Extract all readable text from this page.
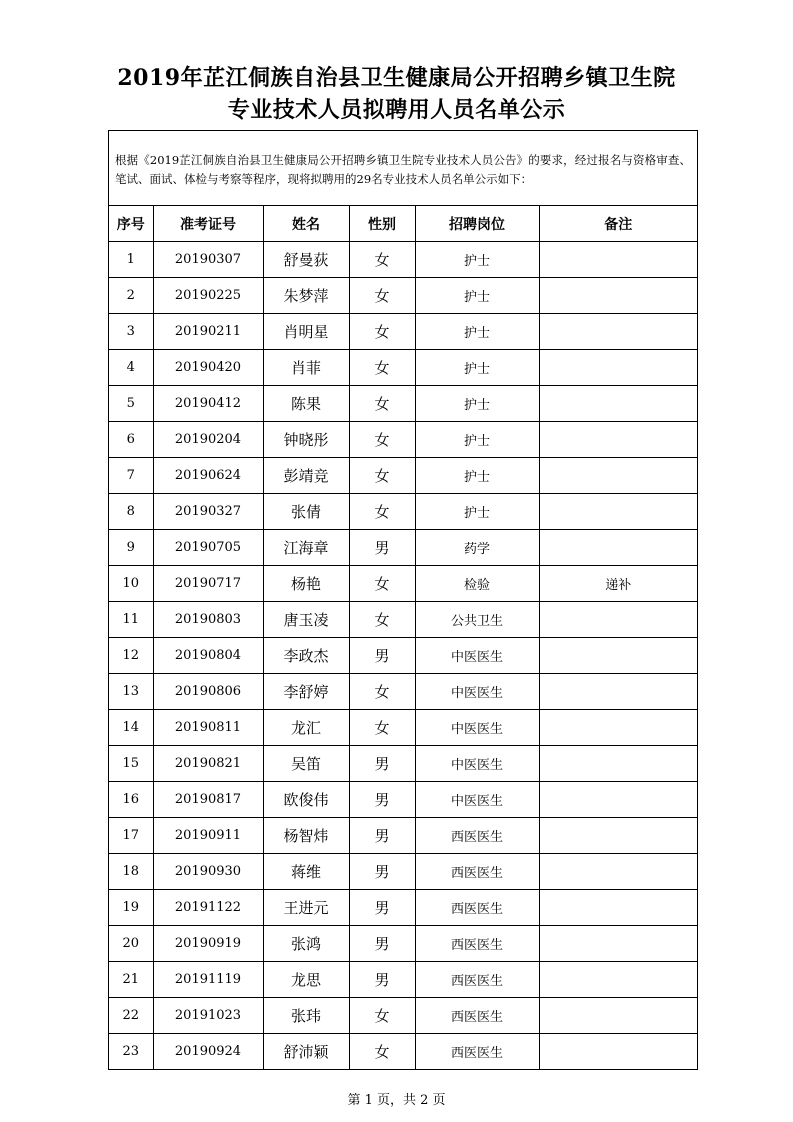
2019年芷江侗族自治县卫生健康局公开招聘乡镇卫生院
专业技术人员拟聘用人员名单公示
根据《2019芷江侗族自治县卫生健康局公开招聘乡镇卫生院专业技术人员公告》的要求，经过报名与资格审查、笔试、面试、体检与考察等程序，现将拟聘用的29名专业技术人员名单公示如下：
序号	准考证号	姓名	性别	招聘岗位	备注
1	20190307	舒曼荻	女	护士	
2	20190225	朱梦萍	女	护士	
3	20190211	肖明星	女	护士	
4	20190420	肖菲	女	护士	
5	20190412	陈果	女	护士	
6	20190204	钟晓彤	女	护士	
7	20190624	彭靖竞	女	护士	
8	20190327	张倩	女	护士	
9	20190705	江海章	男	药学	
10	20190717	杨艳	女	检验	递补
11	20190803	唐玉凌	女	公共卫生	
12	20190804	李政杰	男	中医医生	
13	20190806	李舒婷	女	中医医生	
14	20190811	龙汇	女	中医医生	
15	20190821	吴笛	男	中医医生	
16	20190817	欧俊伟	男	中医医生	
17	20190911	杨智炜	男	西医医生	
18	20190930	蒋维	男	西医医生	
19	20191122	王进元	男	西医医生	
20	20190919	张鸿	男	西医医生	
21	20191119	龙思	男	西医医生	
22	20191023	张玮	女	西医医生	
23	20190924	舒沛颖	女	西医医生	
第 1 页，共 2 页
